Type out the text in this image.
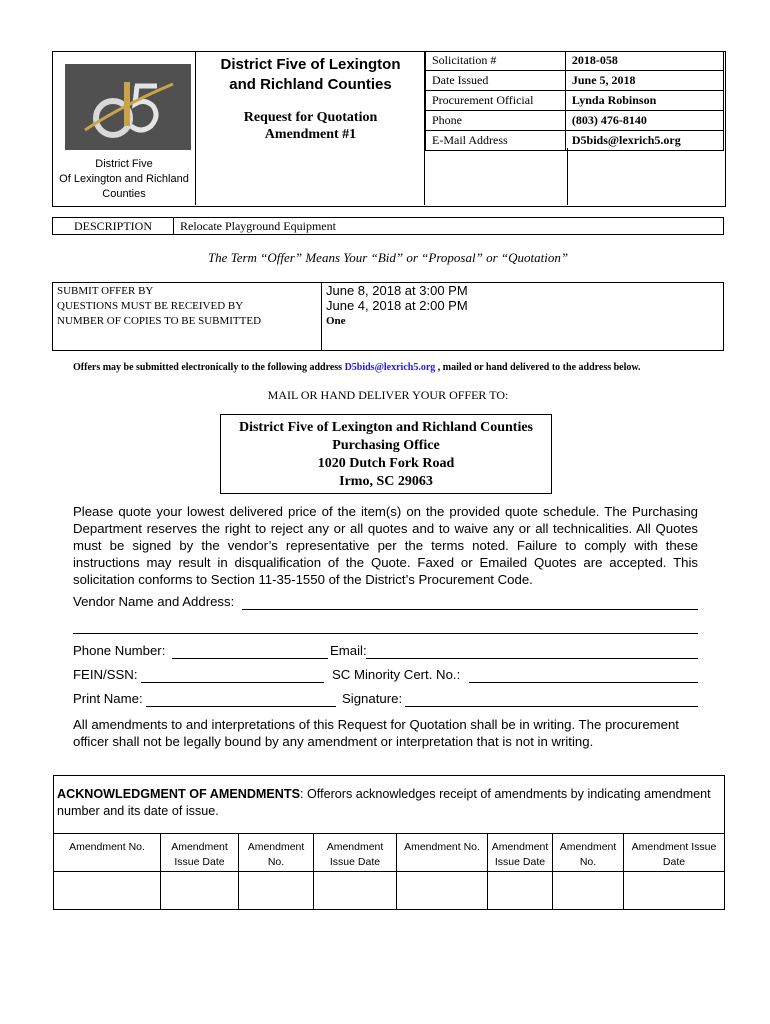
District Five
Of Lexington and Richland
Counties
District Five of Lexington
and Richland Counties
Request for Quotation
Amendment #1
Solicitation #	2018-058
Date Issued	June 5, 2018
Procurement Official	Lynda Robinson
Phone	(803) 476-8140
E-Mail Address	D5bids@lexrich5.org
DESCRIPTION	Relocate Playground Equipment
The Term “Offer” Means Your “Bid” or “Proposal” or “Quotation”
SUBMIT OFFER BY	June 8, 2018 at 3:00 PM
QUESTIONS MUST BE RECEIVED BY	June 4, 2018 at 2:00 PM
NUMBER OF COPIES TO BE SUBMITTED	One

Offers may be submitted electronically to the following address D5bids@lexrich5.org , mailed or hand delivered to the address below.
MAIL OR HAND DELIVER YOUR OFFER TO:
District Five of Lexington and Richland Counties
Purchasing Office
1020 Dutch Fork Road
Irmo, SC 29063
Please quote your lowest delivered price of the item(s) on the provided quote schedule. The Purchasing Department reserves the right to reject any or all quotes and to waive any or all technicalities. All Quotes must be signed by the vendor’s representative per the terms noted. Failure to comply with these instructions may result in disqualification of the Quote. Faxed or Emailed Quotes are accepted. This solicitation conforms to Section 11-35-1550 of the District’s Procurement Code.
Vendor Name and Address:
Phone Number:	Email:
FEIN/SSN:	SC Minority Cert. No.:
Print Name:	Signature:
All amendments to and interpretations of this Request for Quotation shall be in writing. The procurement officer shall not be legally bound by any amendment or interpretation that is not in writing.
ACKNOWLEDGMENT OF AMENDMENTS: Offerors acknowledges receipt of amendments by indicating amendment number and its date of issue.
Amendment No.	Amendment Issue Date	Amendment No.	Amendment Issue Date	Amendment No.	Amendment Issue Date	Amendment No.	Amendment Issue Date
